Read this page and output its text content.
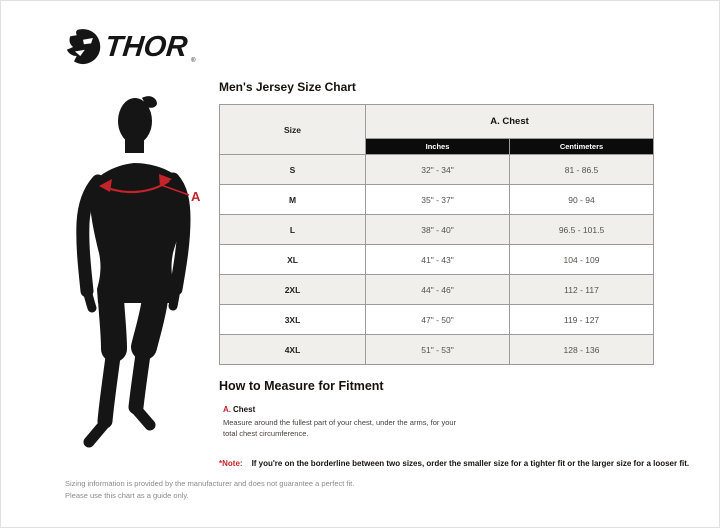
THOR ®
A
Men's Jersey Size Chart
Size	A. Chest	
	Inches	Centimeters
S	32" - 34"	81 - 86.5
M	35" - 37"	90 - 94
L	38" - 40"	96.5 - 101.5
XL	41" - 43"	104 - 109
2XL	44" - 46"	112 - 117
3XL	47" - 50"	119 - 127
4XL	51" - 53"	128 - 136
How to Measure for Fitment
A. Chest
Measure around the fullest part of your chest, under the arms, for your total chest circumference.
*Note: If you're on the borderline between two sizes, order the smaller size for a tighter fit or the larger size for a looser fit.
Sizing information is provided by the manufacturer and does not guarantee a perfect fit.
Please use this chart as a guide only.
